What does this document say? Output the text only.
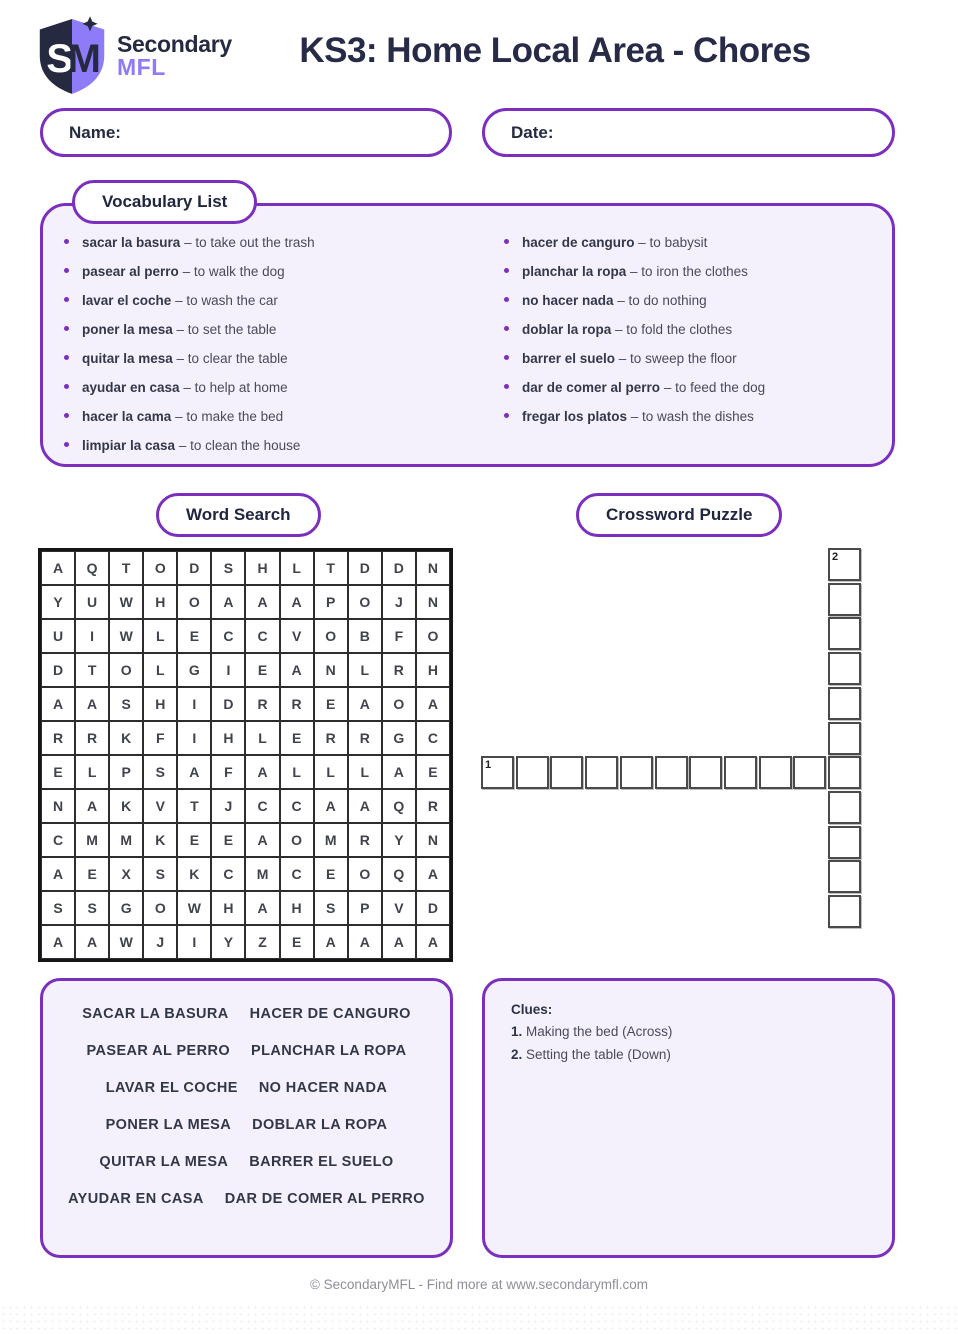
S
M Secondary
MFL	KS3: Home Local Area - Chores
Name:	Date:
Vocabulary List
sacar la basura – to take out the trash
pasear al perro – to walk the dog
lavar el coche – to wash the car
poner la mesa – to set the table
quitar la mesa – to clear the table
ayudar en casa – to help at home
hacer la cama – to make the bed
limpiar la casa – to clean the house
hacer de canguro – to babysit
planchar la ropa – to iron the clothes
no hacer nada – to do nothing
doblar la ropa – to fold the clothes
barrer el suelo – to sweep the floor
dar de comer al perro – to feed the dog
fregar los platos – to wash the dishes
Word Search	Crossword Puzzle
A	Q	T	O	D	S	H	L	T	D	D	N
Y	U	W	H	O	A	A	A	P	O	J	N
U	I	W	L	E	C	C	V	O	B	F	O
D	T	O	L	G	I	E	A	N	L	R	H
A	A	S	H	I	D	R	R	E	A	O	A
R	R	K	F	I	H	L	E	R	R	G	C
E	L	P	S	A	F	A	L	L	L	A	E
N	A	K	V	T	J	C	C	A	A	Q	R
C	M	M	K	E	E	A	O	M	R	Y	N
A	E	X	S	K	C	M	C	E	O	Q	A
S	S	G	O	W	H	A	H	S	P	V	D
A	A	W	J	I	Y	Z	E	A	A	A	A
2
1
SACAR LA BASURA HACER DE CANGURO
PASEAR AL PERRO PLANCHAR LA ROPA
LAVAR EL COCHE NO HACER NADA
PONER LA MESA DOBLAR LA ROPA
QUITAR LA MESA BARRER EL SUELO
AYUDAR EN CASA DAR DE COMER AL PERRO
Clues:
1. Making the bed (Across)
2. Setting the table (Down)
© SecondaryMFL - Find more at www.secondarymfl.com
